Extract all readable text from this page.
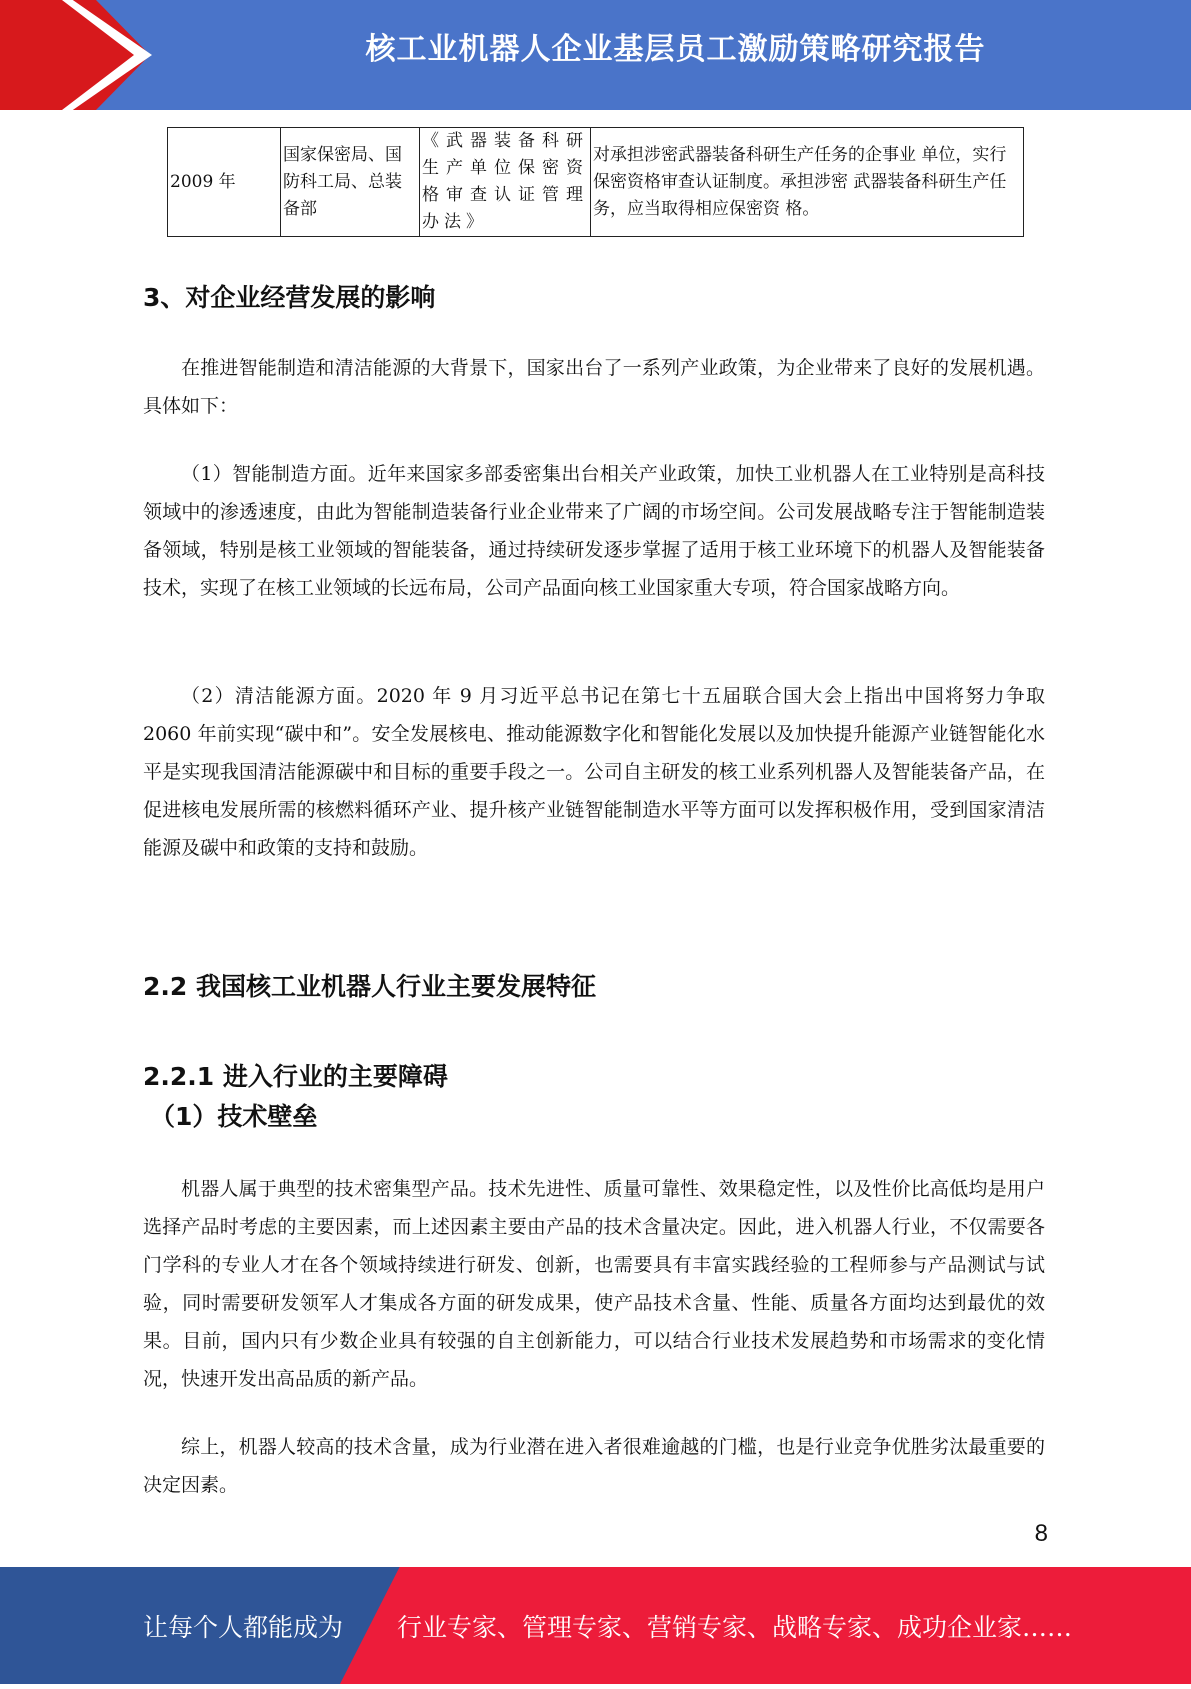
核工业机器人企业基层员工激励策略研究报告
2009 年	国家保密局、国防科工局、总装备部	《武器装备科研生产单位保密资格审查认证管理办法》	对承担涉密武器装备科研生产任务的企事业 单位，实行保密资格审查认证制度。承担涉密 武器装备科研生产任务，应当取得相应保密资 格。
3、对企业经营发展的影响

在推进智能制造和清洁能源的大背景下，国家出台了一系列产业政策，为企业带来了良好的发展机遇。具体如下：

（1）智能制造方面。近年来国家多部委密集出台相关产业政策，加快工业机器人在工业特别是高科技领域中的渗透速度，由此为智能制造装备行业企业带来了广阔的市场空间。公司发展战略专注于智能制造装备领域，特别是核工业领域的智能装备，通过持续研发逐步掌握了适用于核工业环境下的机器人及智能装备技术，实现了在核工业领域的长远布局，公司产品面向核工业国家重大专项，符合国家战略方向。

（2）清洁能源方面。2020 年 9 月习近平总书记在第七十五届联合国大会上指出中国将努力争取 2060 年前实现“碳中和”。安全发展核电、推动能源数字化和智能化发展以及加快提升能源产业链智能化水平是实现我国清洁能源碳中和目标的重要手段之一。公司自主研发的核工业系列机器人及智能装备产品，在促进核电发展所需的核燃料循环产业、提升核产业链智能制造水平等方面可以发挥积极作用，受到国家清洁能源及碳中和政策的支持和鼓励。

2.2 我国核工业机器人行业主要发展特征
2.2.1 进入行业的主要障碍
（1）技术壁垒

机器人属于典型的技术密集型产品。技术先进性、质量可靠性、效果稳定性，以及性价比高低均是用户选择产品时考虑的主要因素，而上述因素主要由产品的技术含量决定。因此，进入机器人行业，不仅需要各门学科的专业人才在各个领域持续进行研发、创新，也需要具有丰富实践经验的工程师参与产品测试与试验，同时需要研发领军人才集成各方面的研发成果，使产品技术含量、性能、质量各方面均达到最优的效果。目前，国内只有少数企业具有较强的自主创新能力，可以结合行业技术发展趋势和市场需求的变化情况，快速开发出高品质的新产品。

综上，机器人较高的技术含量，成为行业潜在进入者很难逾越的门槛，也是行业竞争优胜劣汰最重要的决定因素。

8
让每个人都能成为 行业专家、管理专家、营销专家、战略专家、成功企业家……
